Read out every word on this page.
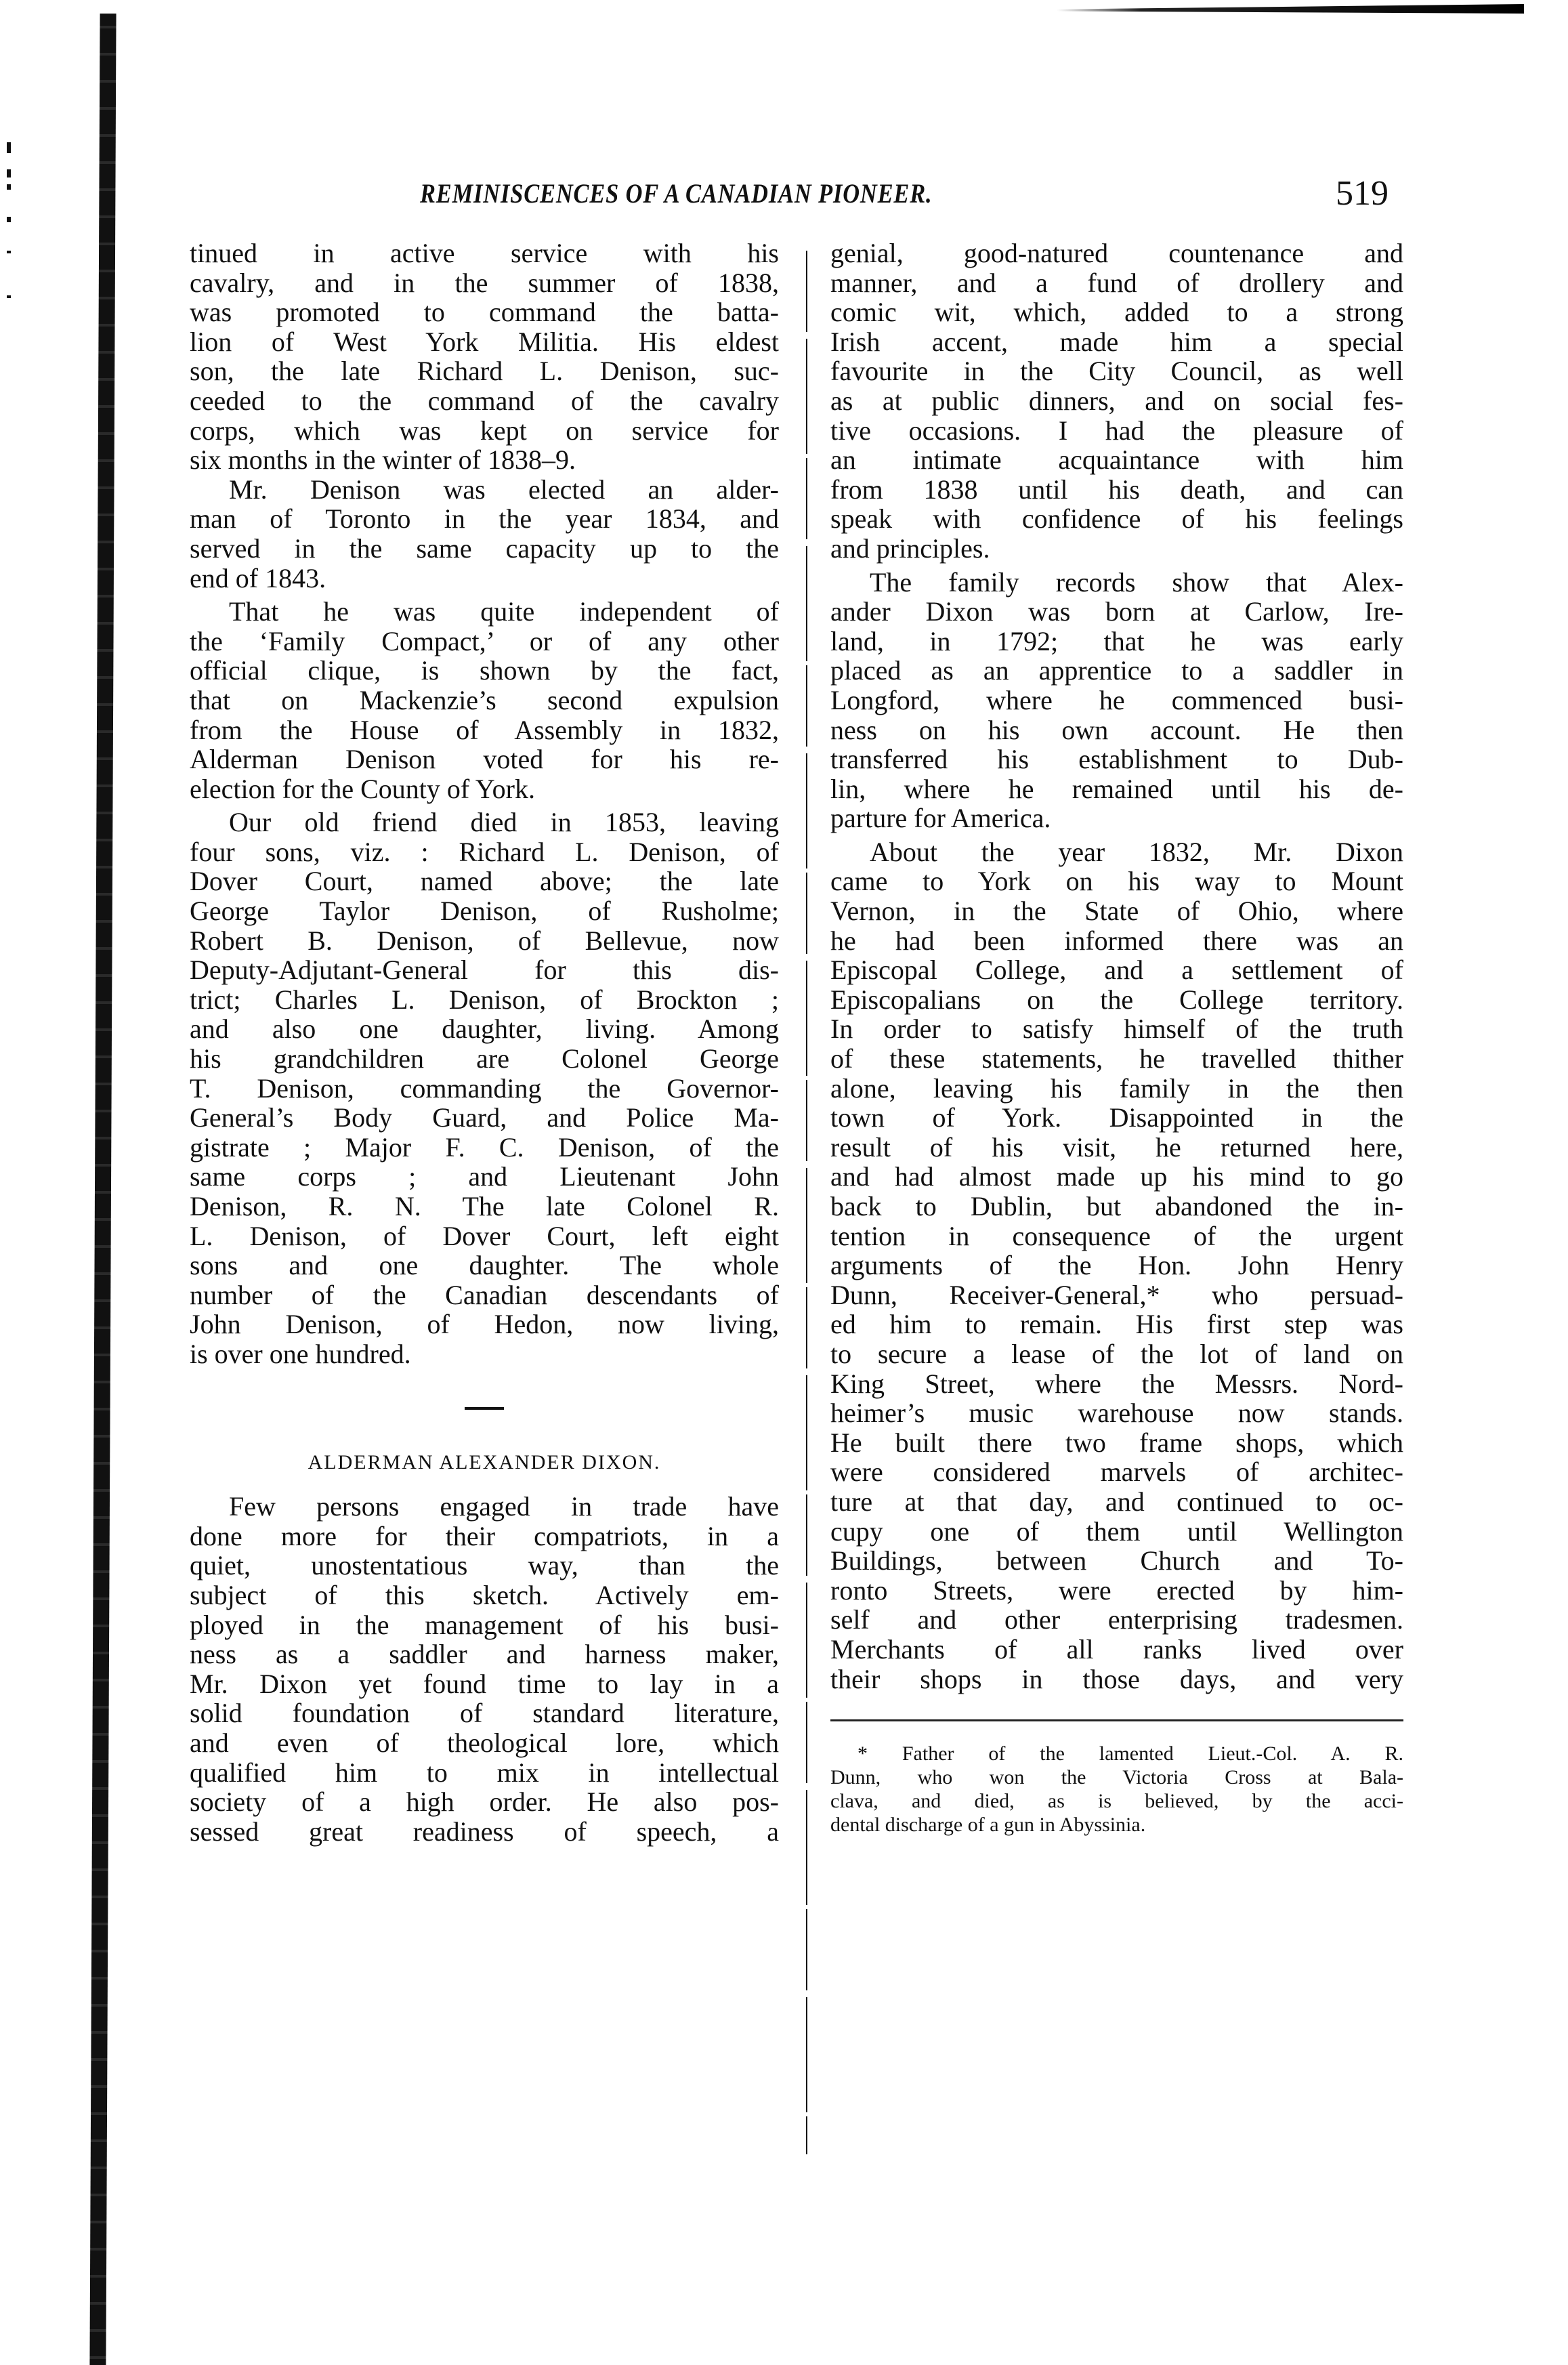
REMINISCENCES OF A CANADIAN PIONEER.	519
tinued in active service with his
cavalry, and in the summer of 1838,
was promoted to command the batta-
lion of West York Militia. His eldest
son, the late Richard L. Denison, suc-
ceeded to the command of the cavalry
corps, which was kept on service for
six months in the winter of 1838–9.
Mr. Denison was elected an alder-
man of Toronto in the year 1834, and
served in the same capacity up to the
end of 1843.
That he was quite independent of
the ‘Family Compact,’ or of any other
official clique, is shown by the fact,
that on Mackenzie’s second expulsion
from the House of Assembly in 1832,
Alderman Denison voted for his re-
election for the County of York.
Our old friend died in 1853, leaving
four sons, viz. : Richard L. Denison, of
Dover Court, named above; the late
George Taylor Denison, of Rusholme;
Robert B. Denison, of Bellevue, now
Deputy-Adjutant-General for this dis-
trict; Charles L. Denison, of Brockton ;
and also one daughter, living. Among
his grandchildren are Colonel George
T. Denison, commanding the Governor-
General’s Body Guard, and Police Ma-
gistrate ; Major F. C. Denison, of the
same corps ; and Lieutenant John
Denison, R. N. The late Colonel R.
L. Denison, of Dover Court, left eight
sons and one daughter. The whole
number of the Canadian descendants of
John Denison, of Hedon, now living,
is over one hundred.
ALDERMAN ALEXANDER DIXON.
Few persons engaged in trade have
done more for their compatriots, in a
quiet, unostentatious way, than the
subject of this sketch. Actively em-
ployed in the management of his busi-
ness as a saddler and harness maker,
Mr. Dixon yet found time to lay in a
solid foundation of standard literature,
and even of theological lore, which
qualified him to mix in intellectual
society of a high order. He also pos-
sessed great readiness of speech, a
genial, good-natured countenance and
manner, and a fund of drollery and
comic wit, which, added to a strong
Irish accent, made him a special
favourite in the City Council, as well
as at public dinners, and on social fes-
tive occasions. I had the pleasure of
an intimate acquaintance with him
from 1838 until his death, and can
speak with confidence of his feelings
and principles.
The family records show that Alex-
ander Dixon was born at Carlow, Ire-
land, in 1792; that he was early
placed as an apprentice to a saddler in
Longford, where he commenced busi-
ness on his own account. He then
transferred his establishment to Dub-
lin, where he remained until his de-
parture for America.
About the year 1832, Mr. Dixon
came to York on his way to Mount
Vernon, in the State of Ohio, where
he had been informed there was an
Episcopal College, and a settlement of
Episcopalians on the College territory.
In order to satisfy himself of the truth
of these statements, he travelled thither
alone, leaving his family in the then
town of York. Disappointed in the
result of his visit, he returned here,
and had almost made up his mind to go
back to Dublin, but abandoned the in-
tention in consequence of the urgent
arguments of the Hon. John Henry
Dunn, Receiver-General,* who persuad-
ed him to remain. His first step was
to secure a lease of the lot of land on
King Street, where the Messrs. Nord-
heimer’s music warehouse now stands.
He built there two frame shops, which
were considered marvels of architec-
ture at that day, and continued to oc-
cupy one of them until Wellington
Buildings, between Church and To-
ronto Streets, were erected by him-
self and other enterprising tradesmen.
Merchants of all ranks lived over
their shops in those days, and very
* Father of the lamented Lieut.-Col. A. R.
Dunn, who won the Victoria Cross at Bala-
clava, and died, as is believed, by the acci-
dental discharge of a gun in Abyssinia.
